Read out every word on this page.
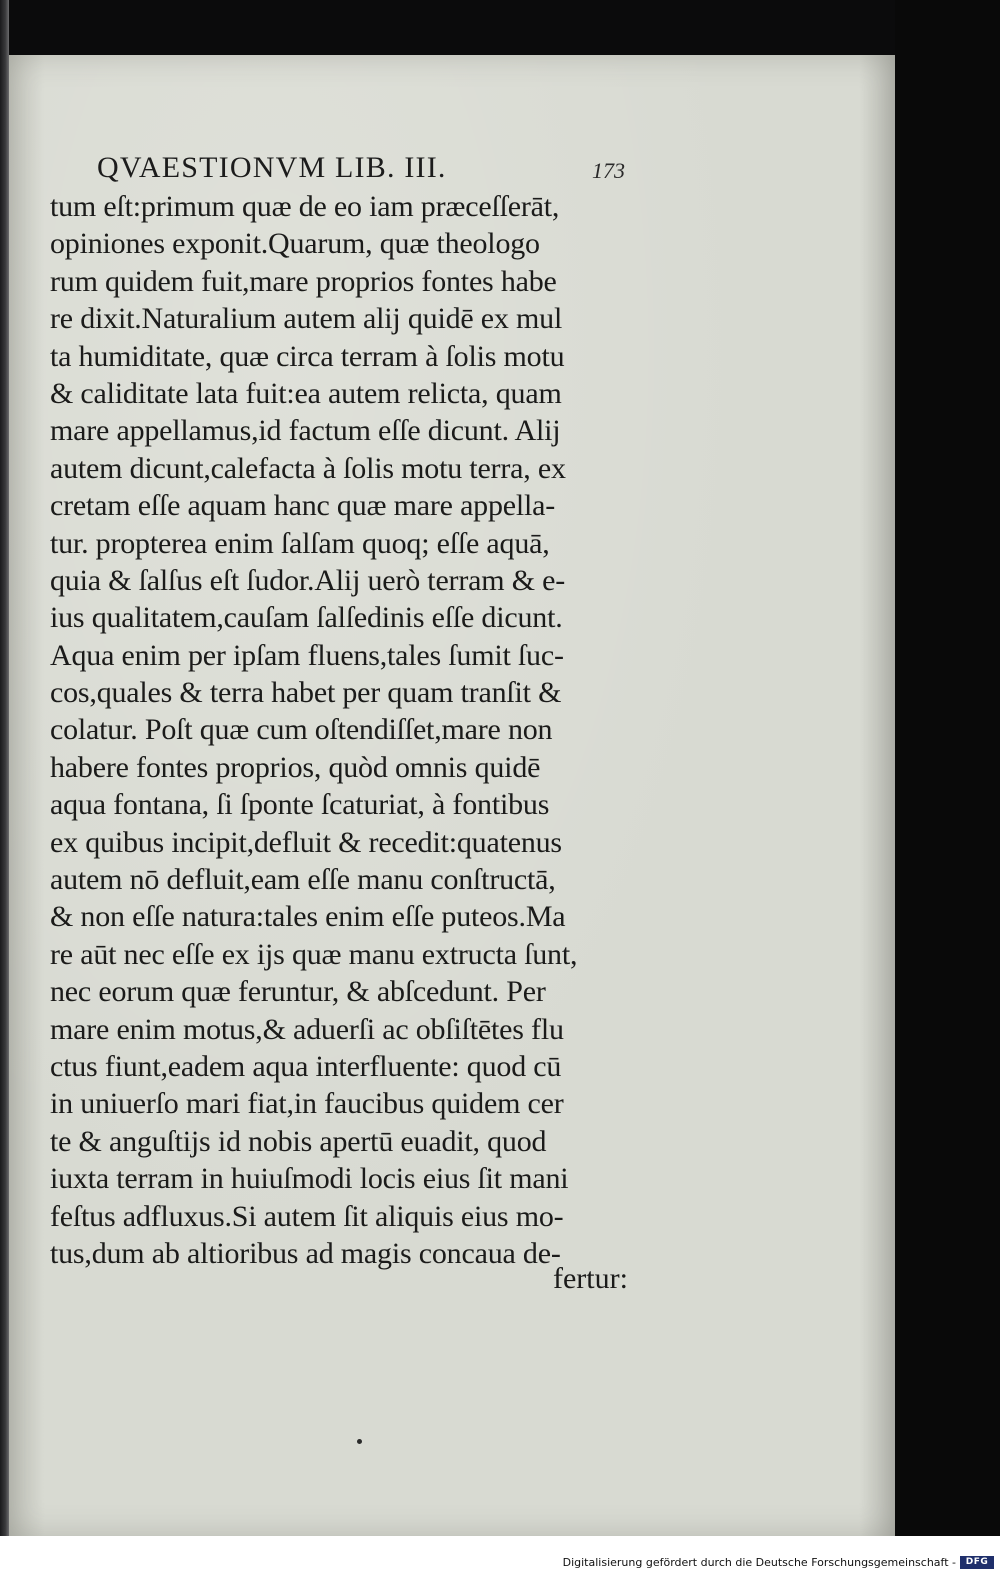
QVAESTIONVM LIB. III.	173
tum eſt:primum quæ de eo iam præceſſerāt,
opiniones exponit.Quarum, quæ theologo
rum quidem fuit,mare proprios fontes habe
re dixit.Naturalium autem alij quidē ex mul
ta humiditate, quæ circa terram à ſolis motu
& caliditate lata fuit:ea autem relicta, quam
mare appellamus,id factum eſſe dicunt. Alij
autem dicunt,calefacta à ſolis motu terra, ex
cretam eſſe aquam hanc quæ mare appella-
tur. propterea enim ſalſam quoq; eſſe aquā,
quia & ſalſus eſt ſudor.Alij uerò terram & e-
ius qualitatem,cauſam ſalſedinis eſſe dicunt.
Aqua enim per ipſam fluens,tales ſumit ſuc-
cos,quales & terra habet per quam tranſit &
colatur. Poſt quæ cum oſtendiſſet,mare non
habere fontes proprios, quòd omnis quidē
aqua fontana, ſi ſponte ſcaturiat, à fontibus
ex quibus incipit,defluit & recedit:quatenus
autem nō defluit,eam eſſe manu conſtructā,
& non eſſe natura:tales enim eſſe puteos.Ma
re aūt nec eſſe ex ijs quæ manu extructa ſunt,
nec eorum quæ feruntur, & abſcedunt. Per
mare enim motus,& aduerſi ac obſiſtētes flu
ctus fiunt,eadem aqua interfluente: quod cū
in uniuerſo mari fiat,in faucibus quidem cer
te & anguſtijs id nobis apertū euadit, quod
iuxta terram in huiuſmodi locis eius ſit mani
feſtus adfluxus.Si autem ſit aliquis eius mo-
tus,dum ab altioribus ad magis concaua de-
fertur:
Digitalisierung gefördert durch die Deutsche Forschungsgemeinschaft -	DFG
